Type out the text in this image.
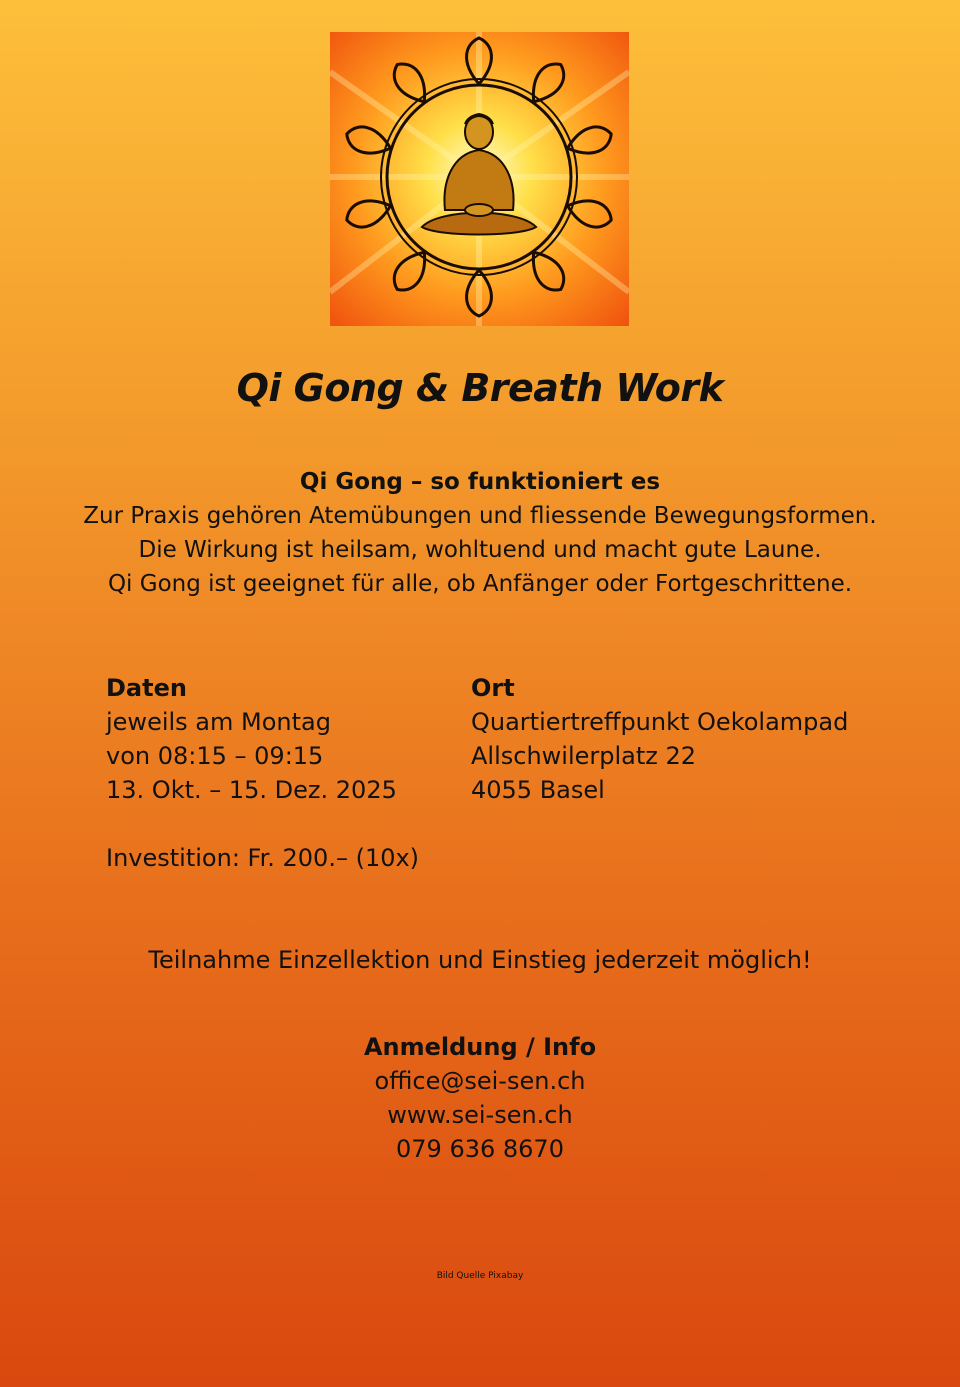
Qi Gong & Breath Work
Qi Gong – so funktioniert es
Zur Praxis gehören Atemübungen und fliessende Bewegungsformen.
Die Wirkung ist heilsam, wohltuend und macht gute Laune.
Qi Gong ist geeignet für alle, ob Anfänger oder Fortgeschrittene.
Daten
jeweils am Montag
von 08:15 – 09:15
13. Okt. – 15. Dez. 2025
Ort
Quartiertreffpunkt Oekolampad
Allschwilerplatz 22
4055 Basel
Investition: Fr. 200.– (10x)
Teilnahme Einzellektion und Einstieg jederzeit möglich!
Anmeldung / Info
office@sei-sen.ch
www.sei-sen.ch
079 636 8670
Bild Quelle Pixabay
